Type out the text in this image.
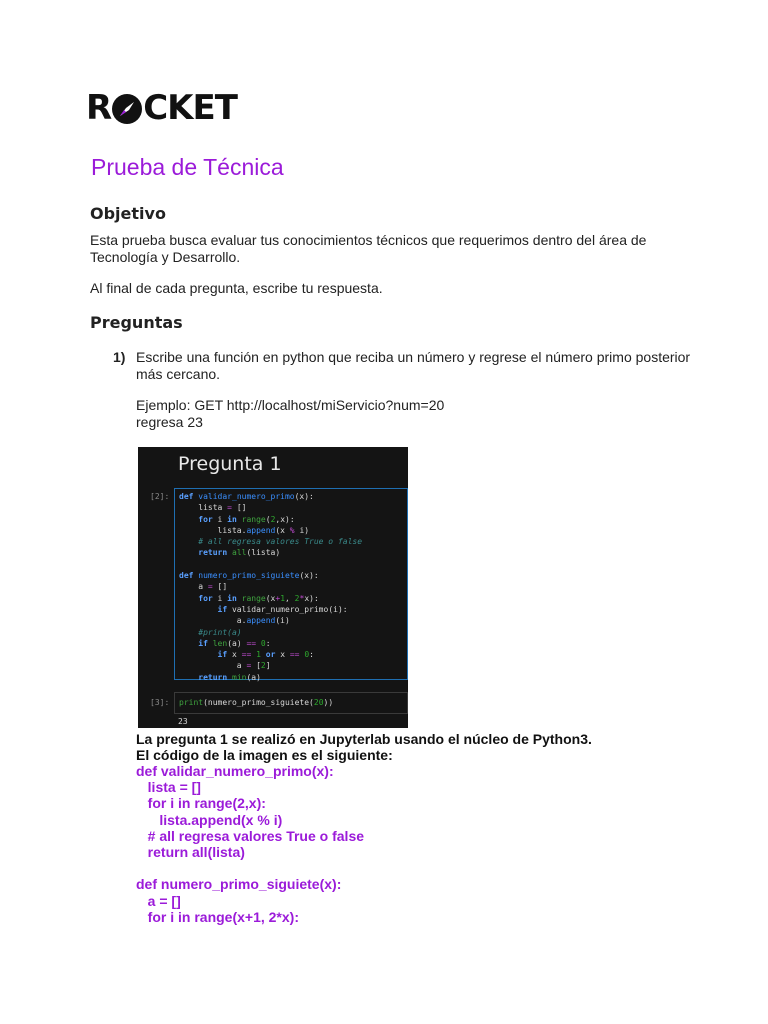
R CKET
Prueba de Técnica
Objetivo

Esta prueba busca evaluar tus conocimientos técnicos que requerimos dentro del área de Tecnología y Desarrollo.

Al final de cada pregunta, escribe tu respuesta.

Preguntas
1) Escribe una función en python que reciba un número y regrese el número primo posterior más cercano.

Ejemplo: GET http://localhost/miServicio?num=20

regresa 23

Pregunta 1
[2]:	def validar_numero_primo(x):
lista = []
for i in range(2,x):
lista.append(x % i)
# all regresa valores True o false
return all(lista)

def numero_primo_siguiete(x):
a = []
for i in range(x+1, 2*x):
if validar_numero_primo(i):
a.append(i)
#print(a)
if len(a) == 0:
if x == 1 or x == 0:
a = [2]
return min(a)
[3]:	print(numero_primo_siguiete(20))
23

La pregunta 1 se realizó en Jupyterlab usando el núcleo de Python3.

El código de la imagen es el siguiente:

def validar_numero_primo(x):
lista = []
for i in range(2,x):
lista.append(x % i)
# all regresa valores True o false
return all(lista)
def numero_primo_siguiete(x):
a = []
for i in range(x+1, 2*x):
